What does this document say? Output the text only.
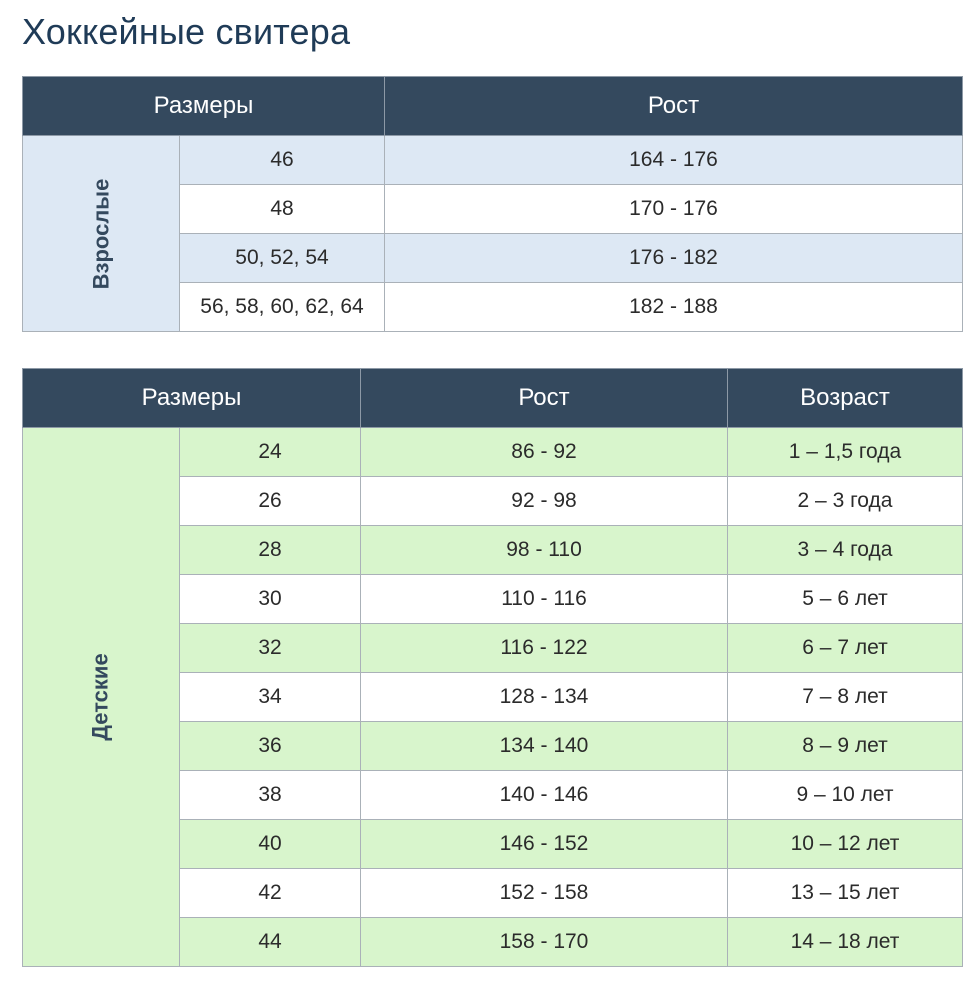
Хоккейные свитера
Размеры		Рост
Взрослые	46	164 - 176
	48	170 - 176
	50, 52, 54	176 - 182
	56, 58, 60, 62, 64	182 - 188
Размеры		Рост	Возраст
Детские	24	86 - 92	1 – 1,5 года
	26	92 - 98	2 – 3 года
	28	98 - 110	3 – 4 года
	30	110 - 116	5 – 6 лет
	32	116 - 122	6 – 7 лет
	34	128 - 134	7 – 8 лет
	36	134 - 140	8 – 9 лет
	38	140 - 146	9 – 10 лет
	40	146 - 152	10 – 12 лет
	42	152 - 158	13 – 15 лет
	44	158 - 170	14 – 18 лет
